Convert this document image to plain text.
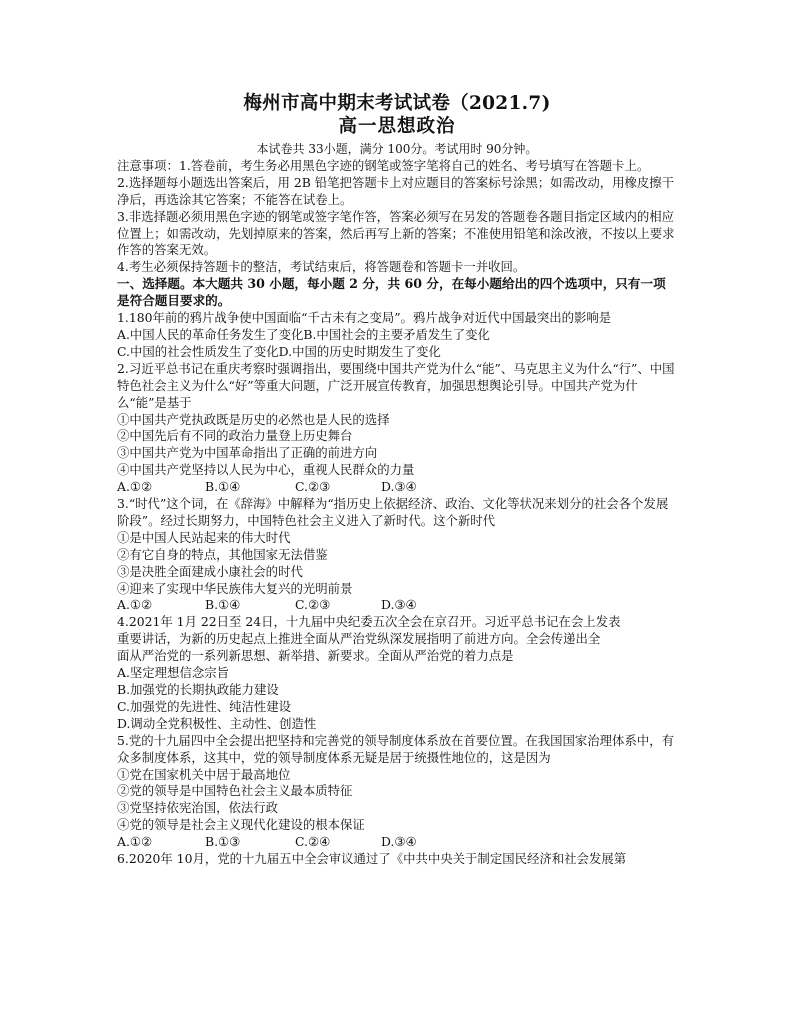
梅州市高中期末考试试卷（2021.7)

高一思想政治

本试卷共 33小题，满分 100分。考试用时 90分钟。

注意事项：1.答卷前，考生务必用黑色字迹的钢笔或签字笔将自己的姓名、考号填写在答题卡上。

2.选择题每小题选出答案后，用 2B 铅笔把答题卡上对应题目的答案标号涂黑；如需改动，用橡皮擦干净后，再选涂其它答案；不能答在试卷上。

3.非选择题必须用黑色字迹的钢笔或签字笔作答，答案必须写在另发的答题卷各题目指定区域内的相应位置上；如需改动，先划掉原来的答案，然后再写上新的答案；不准使用铅笔和涂改液，不按以上要求作答的答案无效。

4.考生必须保持答题卡的整洁，考试结束后，将答题卷和答题卡一并收回。

一、选择题。本大题共 30 小题，每小题 2 分，共 60 分，在每小题给出的四个选项中，只有一项是符合题目要求的。

1.180年前的鸦片战争使中国面临“千古未有之变局”。鸦片战争对近代中国最突出的影响是

A.中国人民的革命任务发生了变化 B.中国社会的主要矛盾发生了变化
C.中国的社会性质发生了变化 D.中国的历史时期发生了变化

2.习近平总书记在重庆考察时强调指出，要围绕中国共产党为什么“能”、马克思主义为什么“行”、中国特色社会主义为什么“好”等重大问题，广泛开展宣传教育，加强思想舆论引导。中国共产党为什么“能”是基于

①中国共产党执政既是历史的必然也是人民的选择

②中国先后有不同的政治力量登上历史舞台

③中国共产党为中国革命指出了正确的前进方向

④中国共产党坚持以人民为中心，重视人民群众的力量

A.①②	B.①④	C.②③	D.③④

3.“时代”这个词，在《辞海》中解释为“指历史上依据经济、政治、文化等状况来划分的社会各个发展阶段”。经过长期努力，中国特色社会主义进入了新时代。这个新时代

①是中国人民站起来的伟大时代

②有它自身的特点，其他国家无法借鉴

③是决胜全面建成小康社会的时代

④迎来了实现中华民族伟大复兴的光明前景

A.①②	B.①④	C.②③	D.③④

4.2021年 1月 22日至 24日，十九届中央纪委五次全会在京召开。习近平总书记在会上发表

重要讲话，为新的历史起点上推进全面从严治党纵深发展指明了前进方向。全会传递出全

面从严治党的一系列新思想、新举措、新要求。全面从严治党的着力点是

A.坚定理想信念宗旨

B.加强党的长期执政能力建设

C.加强党的先进性、纯洁性建设

D.调动全党积极性、主动性、创造性

5.党的十九届四中全会提出把坚持和完善党的领导制度体系放在首要位置。在我国国家治理体系中，有众多制度体系，这其中，党的领导制度体系无疑是居于统摄性地位的，这是因为

①党在国家机关中居于最高地位

②党的领导是中国特色社会主义最本质特征

③党坚持依宪治国，依法行政

④党的领导是社会主义现代化建设的根本保证

A.①②	B.①③	C.②④	D.③④

6.2020年 10月，党的十九届五中全会审议通过了《中共中央关于制定国民经济和社会发展第
